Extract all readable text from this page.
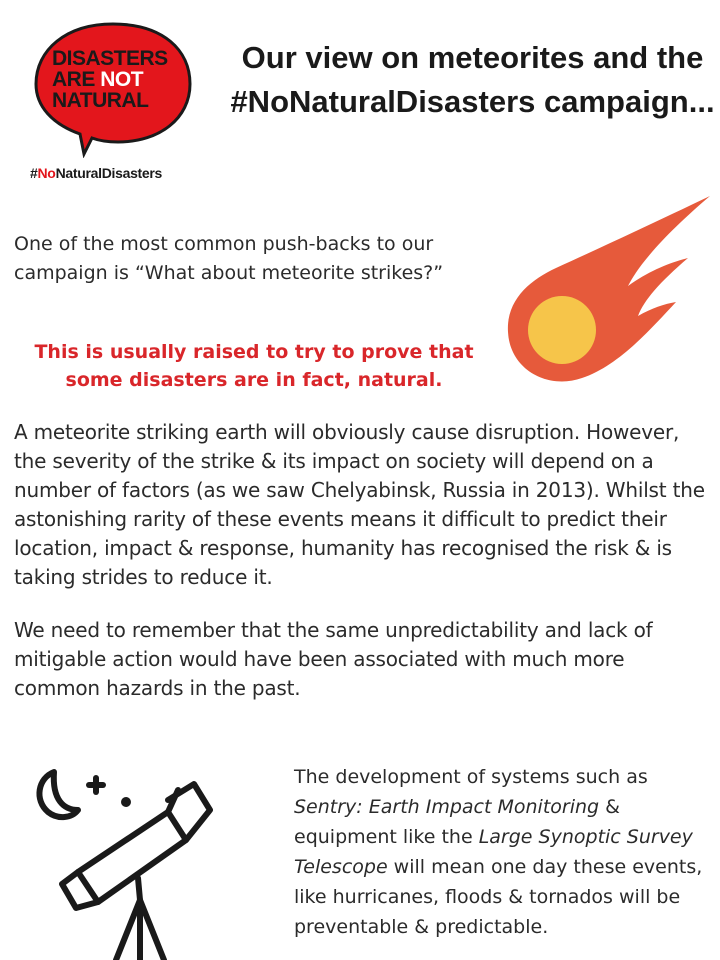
DISASTERS
ARE NOT
NATURAL
#NoNaturalDisasters
Our view on meteorites and the #NoNaturalDisasters campaign...

One of the most common push-backs to our campaign is “What about meteorite strikes?”

This is usually raised to try to prove that some disasters are in fact, natural.

A meteorite striking earth will obviously cause disruption. However, the severity of the strike & its impact on society will depend on a number of factors (as we saw Chelyabinsk, Russia in 2013). Whilst the astonishing rarity of these events means it difficult to predict their location, impact & response, humanity has recognised the risk & is taking strides to reduce it.

We need to remember that the same unpredictability and lack of mitigable action would have been associated with much more common hazards in the past.

The development of systems such as Sentry: Earth Impact Monitoring & equipment like the Large Synoptic Survey Telescope will mean one day these events, like hurricanes, floods & tornados will be preventable & predictable.
